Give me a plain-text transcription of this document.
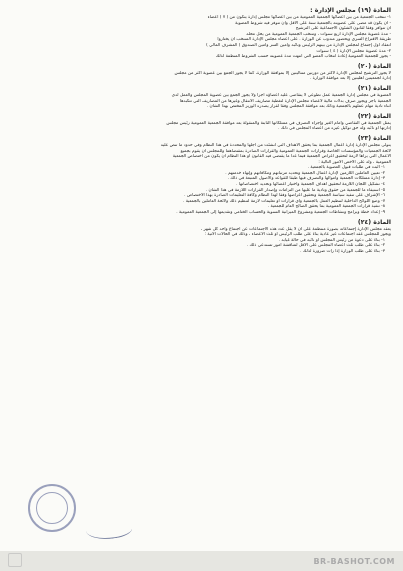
المادة (١٩) مجلس الإدارة :
١- تنتخب الجمعية من بين أعضائها الجمعية العمومية من بين أعضائها مجلس إدارة يتكون من ( ٧ ) أعضاء
- أن يكون قد مضى على عضويته بالجمعية سنة على الأقل وأن تتوفر فيه شروط العضوية
أن تتوافر وفقاً لقانون الشئون الاجتماعية على الترشيح
- مدة عضوية مجلس الإدارة أربع سنوات ، وتنتخب الجمعية العمومية من يحل محله
طريقة الاقتراع السري ويحضور مندوب عن الوزارة . على أعضاء مجلس الإدارة المنتخب أن يختاروا
انعقاد أول إجتماع لمجلس الإدارة من بينهم الرئيس ونائبه وأمين السر وأمين الصندوق ( المشرف المالي )
٢- مدة عضوية مجلس الإدارة ( ٤ ) سنوات
- يجوز للجمعية العمومية إعادة انتخاب العضو التي انتهت مدة عضويته حسب الشروط المنظمة لذلك
المادة (٢٠)
لا يجوز الترشيح لمجلس الإدارة لأكثر من دورتين متتاليتين إلا بموافقة الوزارة، كما لا يجوز الجمع بين عضوية أكثر من مجلس
إدارة لجمعيتين أهليتين إلا بعد موافقة الوزارة .
المادة (٢١)
العضوية في مجلس إدارة الجمعية عمل تطوعي لا يتقاضى عليه أعضاؤه أجراً ولا يجوز الجمع بين عضوية المجلس والعمل لدى
الجمعية بأجر ويجوز صرف بدلات مالية لأعضاء مجلس الإدارة لتغطية مصاريف الانتقال وغيرها من المصاريف التي تتكبدها
أثناء تأدية مهام عملهم بالجمعية وذلك بعد موافقة المجلس وفقاً لقرار يصدره الوزير المختص بهذا الشأن .
المادة (٢٢)
يمثل الجمعية في التقاضي وأمام الغير وإجراء التصرف في ممتلكاتها الثابتة والمنقولة بعد موافقة الجمعية العمومية رئيس مجلس
إدارتها أو نائبه وله حق توكيل غيره من أعضاء المجلس في ذلك .
المادة (٢٣)
يتولى مجلس الإدارة إدارة أعمال الجمعية بما يحقق الأهداف التي أنشئت من أجلها والمحددة في هذا النظام وفي حدود ما تنص عليه
لائحة الجمعيات والمؤسسات الخاصة وقرارات الجمعية العمومية والقرارات الصادرة بمقتضاهما وللمجلس أن يقوم بجميع
الأعمال التي يراها لازمة لتحقيق أغراض الجمعية فيما عدا ما يقتضي فيه القانون أو هذا النظام أن يكون من اختصاص الجمعية
العمومية ، وله على الأخص الأمور التالية :
١- البت في طلبات قبول العضوية بالجمعية .
٢- تعيين العاملين اللازمين لإدارة أعمال الجمعية وتحديد مرتباتهم ومكافآتهم وإنهاء خدمتهم .
٣- إدارة ممتلكات الجمعية وأموالها والتصرف فيها طبقاً للقواعد والأصول المتبعة في ذلك .
٤- تشكيل اللجان اللازمة لتحقيق أهداف الجمعية واختيار أعضائها وتحديد اختصاصاتها .
٥- استيفاء ما للجمعية من حقوق وتأدية ما عليها من التزامات وإصدار القرارات اللازمة في هذا الشأن .
٦- الإشراف على تنفيذ سياسة الجمعية وتحقيق أغراضها وفقاً لهذا النظام وكافة التعليمات الصادرة بهذا الاختصاص .
٧- وضع اللوائح الداخلية لتنظيم العمل بالجمعية وأي قرارات أو تعليمات لازمة لتنظيم ذلك ولائحة العاملين بالجمعية .
٨- تنفيذ قرارات الجمعية العمومية بما يحقق الصالح العام للجمعية .
٩- إعداد خطة وبرامج ونشاطات الجمعية ومشروع الميزانية السنوية والحساب الختامي وتقديمها إلى الجمعية العمومية .
المادة (٢٤)
يعقد مجلس الإدارة إجتماعاته بصورة منتظمة على أن لا يقل عدد هذه الاجتماعات عن اجتماع واحد كل شهر ،
ويجوز للمجلس عقد اجتماعات غير عادية بناءً على طلب الرئيس أو ثلث الأعضاء ، وذلك في الحالات الآتية :
١- بناءً على دعوة من رئيس المجلس أو نائبه في حالة غيابه .
٢- بناءً على طلب ثلث أعضاء المجلس على الأقل لمناقشة أمور تستدعي ذلك .
٣- بناءً على طلب الوزارة إذا رأت ضرورة لذلك .
BR-BASHOT.COM
